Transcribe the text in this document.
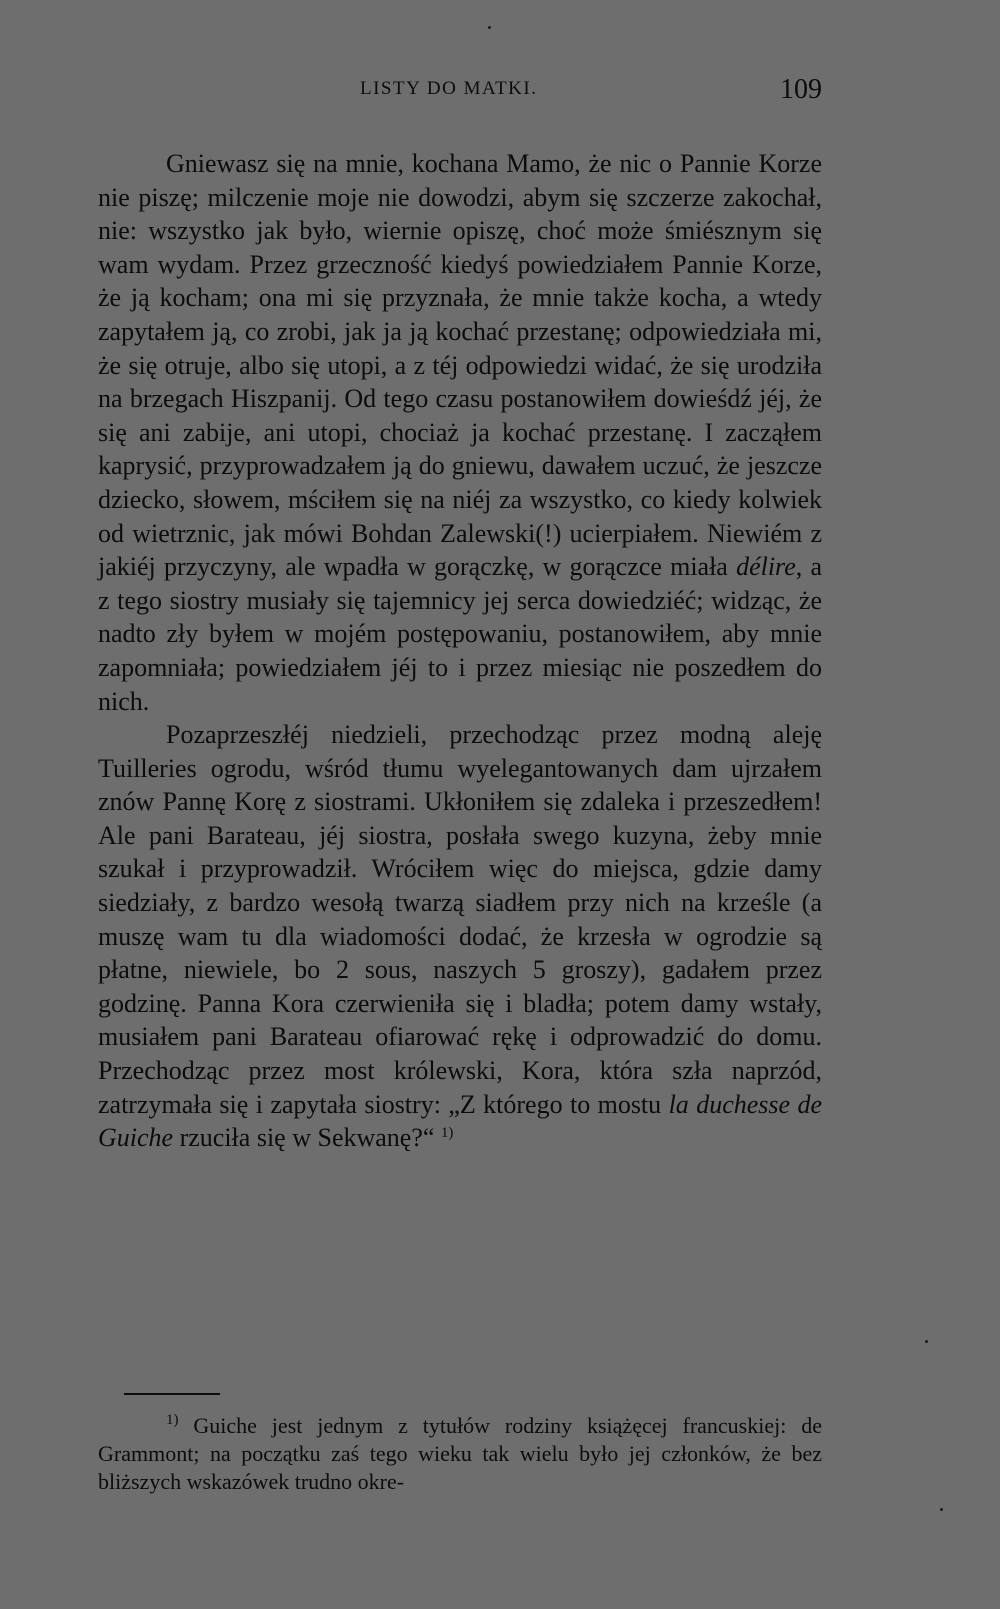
LISTY DO MATKI.	109

Gniewasz się na mnie, kochana Mamo, że nic o Pannie Korze nie piszę; milczenie moje nie dowodzi, abym się szczerze zakochał, nie: wszystko jak było, wiernie opiszę, choć może śmiésznym się wam wydam. Przez grzeczność kiedyś powiedziałem Pannie Korze, że ją kocham; ona mi się przyznała, że mnie także kocha, a wtedy zapytałem ją, co zrobi, jak ja ją kochać przestanę; odpowiedziała mi, że się otruje, albo się utopi, a z téj odpowiedzi widać, że się urodziła na brzegach Hiszpanij. Od tego czasu postanowiłem dowieśdź jéj, że się ani zabije, ani utopi, chociaż ja kochać przestanę. I zacząłem kaprysić, przyprowadzałem ją do gniewu, dawałem uczuć, że jeszcze dziecko, słowem, mściłem się na niéj za wszystko, co kiedy kolwiek od wietrznic, jak mówi Bohdan Zalewski(!) ucierpiałem. Niewiém z jakiéj przyczyny, ale wpadła w gorączkę, w gorączce miała délire, a z tego siostry musiały się tajemnicy jej serca dowiedziéć; widząc, że nadto zły byłem w mojém postępowaniu, postanowiłem, aby mnie zapomniała; powiedziałem jéj to i przez miesiąc nie poszedłem do nich.

Pozaprzeszłéj niedzieli, przechodząc przez modną aleję Tuilleries ogrodu, wśród tłumu wyelegantowanych dam ujrzałem znów Pannę Korę z siostrami. Ukłoniłem się zdaleka i przeszedłem! Ale pani Barateau, jéj siostra, posłała swego kuzyna, żeby mnie szukał i przyprowadził. Wróciłem więc do miejsca, gdzie damy siedziały, z bardzo wesołą twarzą siadłem przy nich na krześle (a muszę wam tu dla wiadomości dodać, że krzesła w ogrodzie są płatne, niewiele, bo 2 sous, naszych 5 groszy), gadałem przez godzinę. Panna Kora czerwieniła się i bladła; potem damy wstały, musiałem pani Barateau ofiarować rękę i odprowadzić do domu. Przechodząc przez most królewski, Kora, która szła naprzód, zatrzymała się i zapytała siostry: „Z którego to mostu la duchesse de Guiche rzuciła się w Sekwanę?“ $^{1)}$

$^{1)}$ Guiche jest jednym z tytułów rodziny książęcej francuskiej: de Grammont; na początku zaś tego wieku tak wielu było jej członków, że bez bliższych wskazówek trudno okre-
